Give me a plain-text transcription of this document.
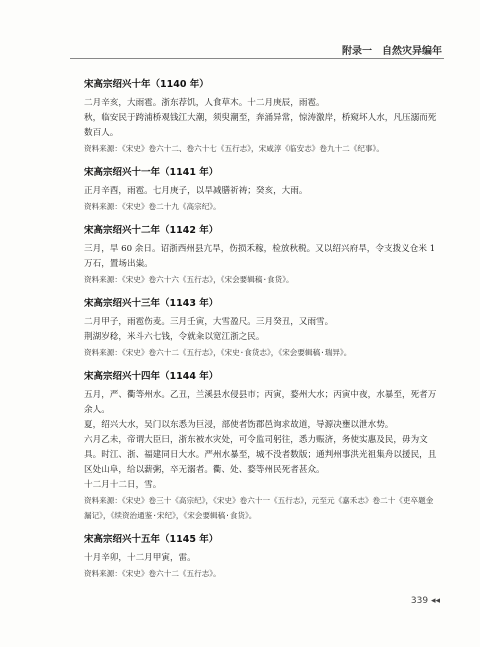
附录一　自然灾异编年
宋高宗绍兴十年（1140 年）

二月辛亥，大雨雹。浙东荐饥，人食草木。十二月庚辰，雨雹。

秋，临安民于跨浦桥观钱江大潮，须臾潮至，奔涌异常，惊涛激岸，桥窥坏人水，凡压溺而死数百人。

资料来源：《宋史》卷六十二、卷六十七《五行志》，宋咸淳《临安志》卷九十二《纪事》。

宋高宗绍兴十一年（1141 年）

正月辛酉，雨雹。七月庚子，以旱减膳祈祷；癸亥，大雨。

资料来源：《宋史》卷二十九《高宗纪》。

宋高宗绍兴十二年（1142 年）

三月，旱 60 余日。诏浙西州县亢旱，伤损禾稼，检放秋税。又以绍兴府旱，令支拨义仓米 1 万石，置场出粜。

资料来源：《宋史》卷六十六《五行志》，《宋会要辑稿·食货》。

宋高宗绍兴十三年（1143 年）

二月甲子，雨雹伤麦。三月壬寅，大雪盈尺。三月癸丑，又雨雪。

荆湖岁稔，米斗六七钱，令就籴以宽江浙之民。

资料来源：《宋史》卷六十二《五行志》，《宋史·食货志》，《宋会要辑稿·瑞异》。

宋高宗绍兴十四年（1144 年）

五月，严、衢等州水。乙丑，兰溪县水侵县市；丙寅，婺州大水；丙寅中夜，水暴至，死者万余人。

夏，绍兴大水，吴门以东悉为巨浸，部使者饬郡邑询求故道，导源决壅以泄水势。

六月乙未，帝谓大臣曰，浙东被水灾处，可令监司躬往，悉力赈济，务使实惠及民，毋为文具。时江、浙、福建同日大水。严州水暴至，城不没者数版；通判州事洪光祖集舟以援民，且区处山阜，给以薪粥，卒无溺者。衢、处、婺等州民死者甚众。

十二月十二日，雪。

资料来源：《宋史》卷三十《高宗纪》，《宋史》卷六十一《五行志》，元至元《嘉禾志》卷二十《吏卒题金漏记》，《续资治通鉴·宋纪》，《宋会要辑稿·食货》。

宋高宗绍兴十五年（1145 年）

十月辛卯，十二月甲寅，雷。

资料来源：《宋史》卷六十二《五行志》。

339 ◂◂
